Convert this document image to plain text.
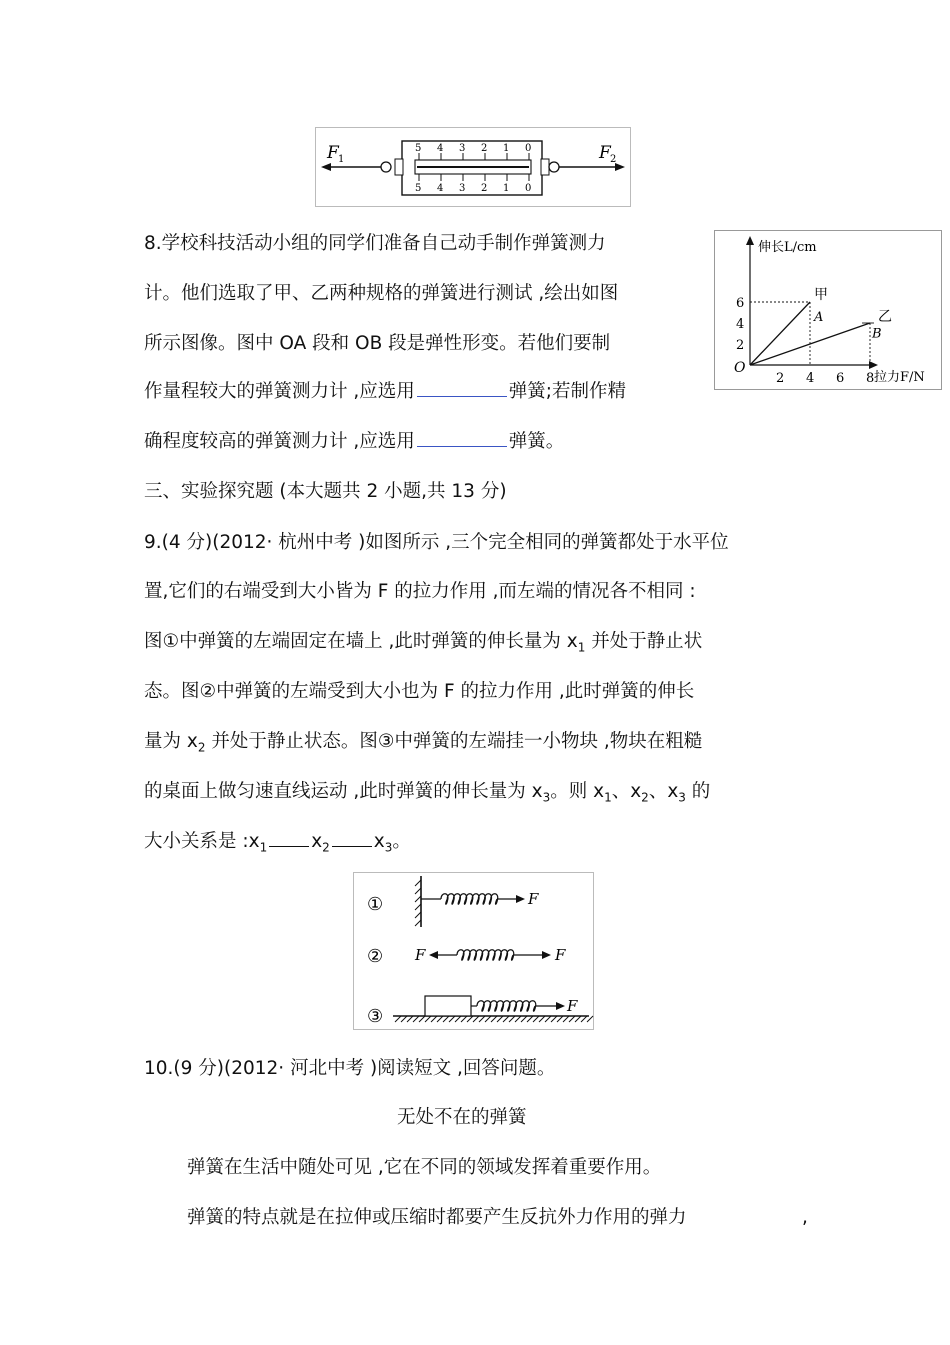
F 1
5 4 3 2 1 0
5 4 3 2 1 0
F 2
伸长L/cm
拉力F/N
O
2
4
6
2 4 6 8
甲
乙
A
B
8.学校科技活动小组的同学们准备自己动手制作弹簧测力
计。他们选取了甲、乙两种规格的弹簧进行测试 ,绘出如图
所示图像。图中 OA 段和 OB 段是弹性形变。若他们要制
作量程较大的弹簧测力计 ,应选用	弹簧;若制作精
确程度较高的弹簧测力计 ,应选用	弹簧。
三、实验探究题 (本大题共 2 小题,共 13 分)
9.(4 分)(2012· 杭州中考 )如图所示 ,三个完全相同的弹簧都处于水平位
置,它们的右端受到大小皆为 F 的拉力作用 ,而左端的情况各不相同 :
图①中弹簧的左端固定在墙上 ,此时弹簧的伸长量为 $x_1$ 并处于静止状
态。图②中弹簧的左端受到大小也为 F 的拉力作用 ,此时弹簧的伸长
量为 $x_2$ 并处于静止状态。图③中弹簧的左端挂一小物块 ,物块在粗糙
的桌面上做匀速直线运动 ,此时弹簧的伸长量为 $x_3$。则 $x_1$、$x_2$、$x_3$ 的
大小关系是 $:x_1$ $x_2$ $x_3$。
①
②
③
F
F	F
F
10.(9 分)(2012· 河北中考 )阅读短文 ,回答问题。
无处不在的弹簧
弹簧在生活中随处可见 ,它在不同的领域发挥着重要作用。
弹簧的特点就是在拉伸或压缩时都要产生反抗外力作用的弹力	,
